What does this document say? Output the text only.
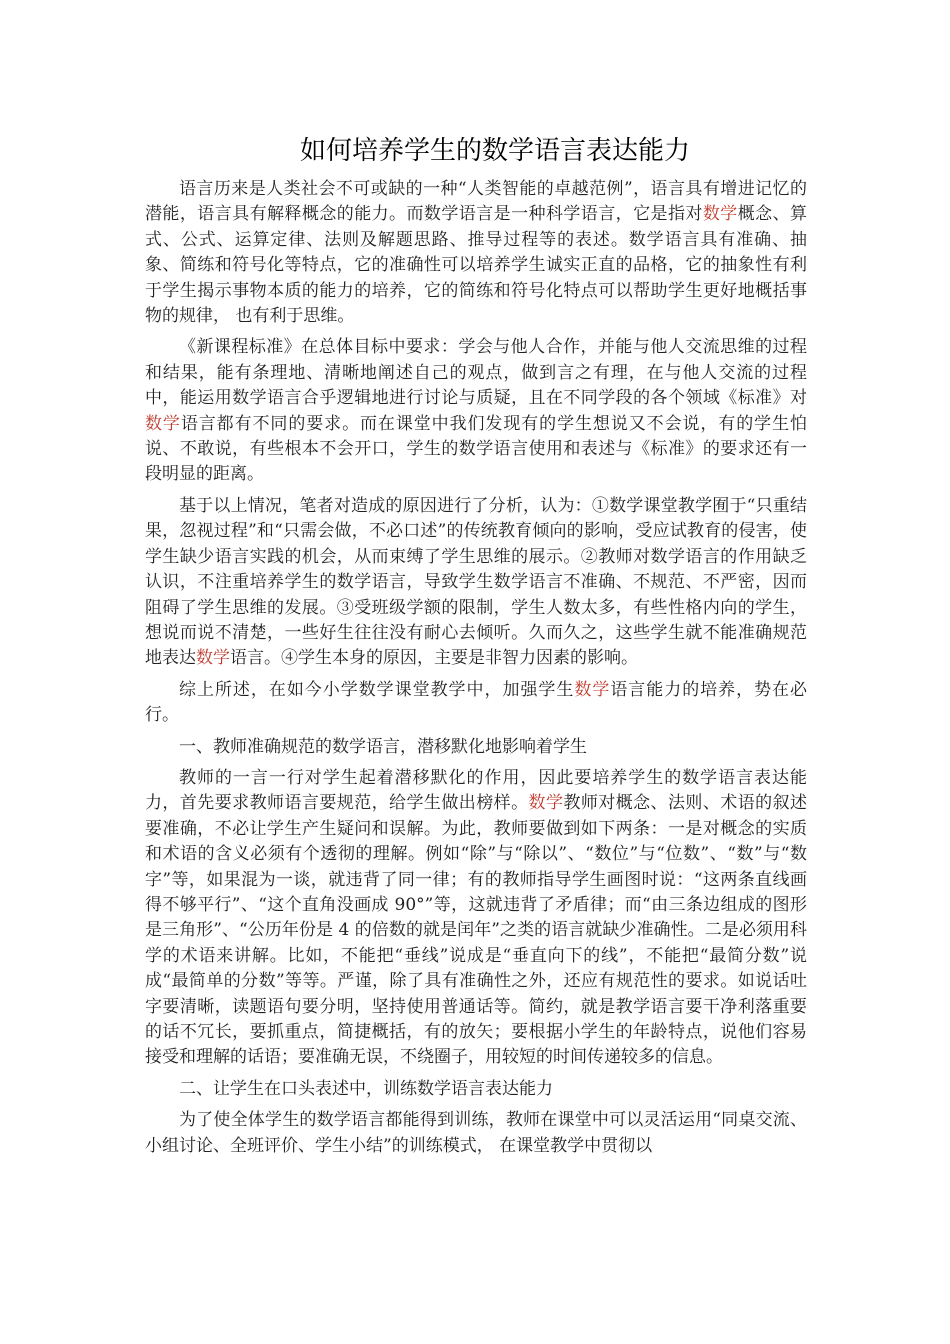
如何培养学生的数学语言表达能力

语言历来是人类社会不可或缺的一种“人类智能的卓越范例”，语言具有增进记忆的潜能，语言具有解释概念的能力。而数学语言是一种科学语言，它是指对数学概念、算式、公式、运算定律、法则及解题思路、推导过程等的表述。数学语言具有准确、抽象、简练和符号化等特点，它的准确性可以培养学生诚实正直的品格，它的抽象性有利于学生揭示事物本质的能力的培养，它的简练和符号化特点可以帮助学生更好地概括事物的规律， 也有利于思维。

《新课程标准》在总体目标中要求：学会与他人合作，并能与他人交流思维的过程和结果，能有条理地、清晰地阐述自己的观点，做到言之有理，在与他人交流的过程中，能运用数学语言合乎逻辑地进行讨论与质疑，且在不同学段的各个领域《标准》对数学语言都有不同的要求。而在课堂中我们发现有的学生想说又不会说，有的学生怕说、不敢说，有些根本不会开口，学生的数学语言使用和表述与《标准》的要求还有一段明显的距离。

基于以上情况，笔者对造成的原因进行了分析，认为：①数学课堂教学囿于“只重结果，忽视过程”和“只需会做，不必口述”的传统教育倾向的影响，受应试教育的侵害，使学生缺少语言实践的机会，从而束缚了学生思维的展示。②教师对数学语言的作用缺乏认识，不注重培养学生的数学语言，导致学生数学语言不准确、不规范、不严密，因而阻碍了学生思维的发展。③受班级学额的限制，学生人数太多，有些性格内向的学生，想说而说不清楚，一些好生往往没有耐心去倾听。久而久之，这些学生就不能准确规范地表达数学语言。④学生本身的原因，主要是非智力因素的影响。

综上所述，在如今小学数学课堂教学中，加强学生数学语言能力的培养，势在必行。

一、教师准确规范的数学语言，潜移默化地影响着学生

教师的一言一行对学生起着潜移默化的作用，因此要培养学生的数学语言表达能力，首先要求教师语言要规范，给学生做出榜样。数学教师对概念、法则、术语的叙述要准确，不必让学生产生疑问和误解。为此，教师要做到如下两条：一是对概念的实质和术语的含义必须有个透彻的理解。例如“除”与“除以”、“数位”与“位数”、“数”与“数字”等，如果混为一谈，就违背了同一律；有的教师指导学生画图时说：“这两条直线画得不够平行”、“这个直角没画成 90°”等，这就违背了矛盾律；而“由三条边组成的图形是三角形”、“公历年份是 4 的倍数的就是闰年”之类的语言就缺少准确性。二是必须用科学的术语来讲解。比如，不能把“垂线”说成是“垂直向下的线”，不能把“最简分数”说成“最简单的分数”等等。严谨，除了具有准确性之外，还应有规范性的要求。如说话吐字要清晰，读题语句要分明，坚持使用普通话等。简约，就是教学语言要干净利落重要的话不冗长，要抓重点，简捷概括，有的放矢；要根据小学生的年龄特点，说他们容易接受和理解的话语；要准确无误，不绕圈子，用较短的时间传递较多的信息。

二、让学生在口头表述中，训练数学语言表达能力

为了使全体学生的数学语言都能得到训练，教师在课堂中可以灵活运用“同桌交流、小组讨论、全班评价、学生小结”的训练模式， 在课堂教学中贯彻以
